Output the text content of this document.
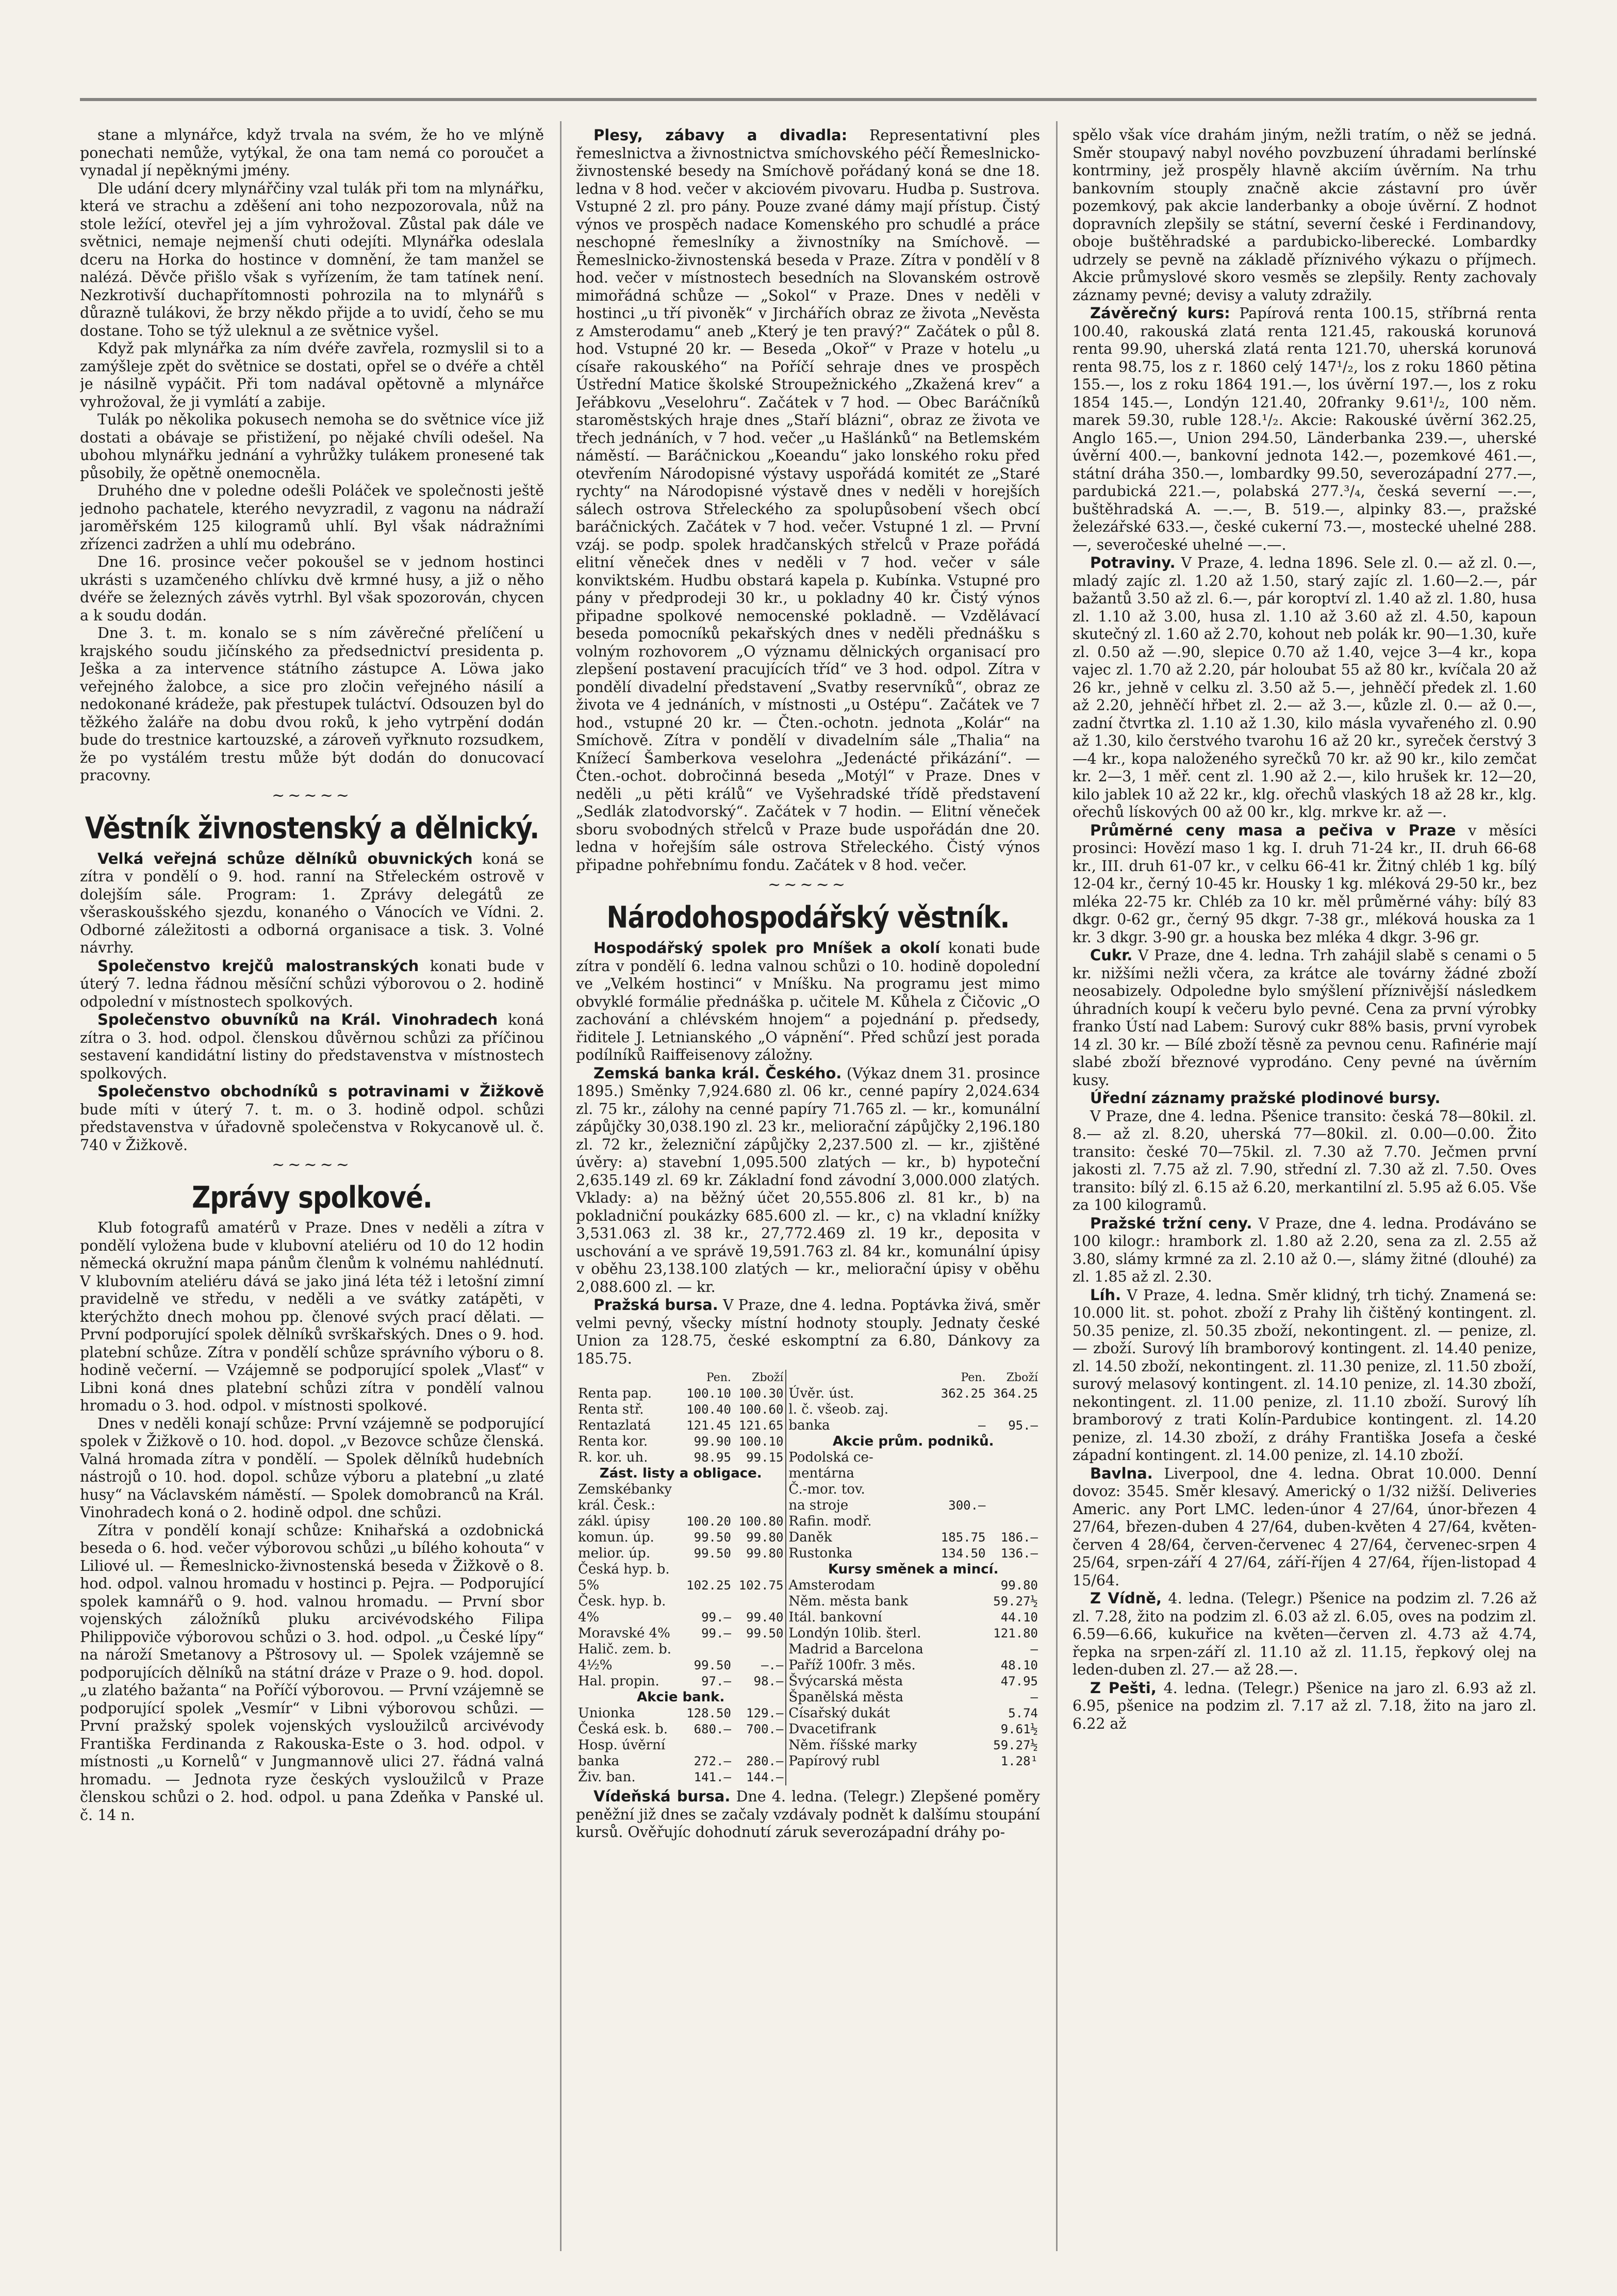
stane a mlynářce, když trvala na svém, že ho ve mlýně ponechati nemůže, vytýkal, že ona tam nemá co poroučet a vynadal jí nepěknými jmény.

Dle udání dcery mlynářčiny vzal tulák při tom na mlynářku, která ve strachu a zděšení ani toho nezpozorovala, nůž na stole ležící, otevřel jej a jím vyhrožoval. Zůstal pak dále ve světnici, nemaje nejmenší chuti odejíti. Mlynářka odeslala dceru na Horka do hostince v domnění, že tam manžel se nalézá. Děvče přišlo však s vyřízením, že tam tatínek není. Nezkrotivší duchapřítomnosti pohrozila na to mlynářů s důrazně tulákovi, že brzy někdo přijde a to uvidí, čeho se mu dostane. Toho se týž uleknul a ze světnice vyšel.

Když pak mlynářka za ním dvéře zavřela, rozmyslil si to a zamýšleje zpět do světnice se dostati, opřel se o dvéře a chtěl je násilně vypáčit. Při tom nadával opětovně a mlynářce vyhrožoval, že ji vymlátí a zabije.

Tulák po několika pokusech nemoha se do světnice více již dostati a obávaje se přistižení, po nějaké chvíli odešel. Na ubohou mlynářku jednání a vyhrůžky tulákem pronesené tak působily, že opětně onemocněla.

Druhého dne v poledne odešli Poláček ve společnosti ještě jednoho pachatele, kterého nevyzradil, z vagonu na nádraží jaroměřském 125 kilogramů uhlí. Byl však nádražními zřízenci zadržen a uhlí mu odebráno.

Dne 16. prosince večer pokoušel se v jednom hostinci ukrásti s uzamčeného chlívku dvě krmné husy, a již o něho dvéře se železných závěs vytrhl. Byl však spozorován, chycen a k soudu dodán.

Dne 3. t. m. konalo se s ním závěrečné přelíčení u krajského soudu jičínského za předsednictví presidenta p. Ješka a za intervence státního zástupce A. Löwa jako veřejného žalobce, a sice pro zločin veřejného násilí a nedokonané krádeže, pak přestupek tuláctví. Odsouzen byl do těžkého žaláře na dobu dvou roků, k jeho vytrpění dodán bude do trestnice kartouzské, a zároveň vyřknuto rozsudkem, že po vystálém trestu může být dodán do donucovací pracovny.

~~~~~
Věstník živnostenský a dělnický.

Velká veřejná schůze dělníků obuvnických koná se zítra v pondělí o 9. hod. ranní na Střeleckém ostrově v dolejším sále. Program: 1. Zprávy delegátů ze všeraskoušského sjezdu, konaného o Vánocích ve Vídni. 2. Odborné záležitosti a odborná organisace a tisk. 3. Volné návrhy.

Společenstvo krejčů malostranských konati bude v úterý 7. ledna řádnou měsíční schůzi výborovou o 2. hodině odpolední v místnostech spolkových.

Společenstvo obuvníků na Král. Vinohradech koná zítra o 3. hod. odpol. členskou důvěrnou schůzi za příčinou sestavení kandidátní listiny do představenstva v místnostech spolkových.

Společenstvo obchodníků s potravinami v Žižkově bude míti v úterý 7. t. m. o 3. hodině odpol. schůzi představenstva v úřadovně společenstva v Rokycanově ul. č. 740 v Žižkově.

~~~~~
Zprávy spolkové.

Klub fotografů amatérů v Praze. Dnes v neděli a zítra v pondělí vyložena bude v klubovní ateliéru od 10 do 12 hodin německá okružní mapa pánům členům k volnému nahlédnutí. V klubovním ateliéru dává se jako jiná léta též i letošní zimní pravidelně ve středu, v neděli a ve svátky zatápěti, v kterýchžto dnech mohou pp. členové svých prací dělati. — První podporující spolek dělníků svrškařských. Dnes o 9. hod. platební schůze. Zítra v pondělí schůze správního výboru o 8. hodině večerní. — Vzájemně se podporující spolek „Vlasť“ v Libni koná dnes platební schůzi zítra v pondělí valnou hromadu o 3. hod. odpol. v místnosti spolkové.

Dnes v neděli konají schůze: První vzájemně se podporující spolek v Žižkově o 10. hod. dopol. „v Bezovce schůze členská. Valná hromada zítra v pondělí. — Spolek dělníků hudebních nástrojů o 10. hod. dopol. schůze výboru a platební „u zlaté husy“ na Václavském náměstí. — Spolek domobranců na Král. Vinohradech koná o 2. hodině odpol. dne schůzi.

Zítra v pondělí konají schůze: Knihařská a ozdobnická beseda o 6. hod. večer výborovou schůzi „u bílého kohouta“ v Liliové ul. — Řemeslnicko-živnostenská beseda v Žižkově o 8. hod. odpol. valnou hromadu v hostinci p. Pejra. — Podporující spolek kamnářů o 9. hod. valnou hromadu. — První sbor vojenských záložníků pluku arcivévodského Filipa Philippoviče výborovou schůzi o 3. hod. odpol. „u České lípy“ na nároží Smetanovy a Pštrosovy ul. — Spolek vzájemně se podporujících dělníků na státní dráze v Praze o 9. hod. dopol. „u zlatého bažanta“ na Poříčí výborovou. — První vzájemně se podporující spolek „Vesmír“ v Libni výborovou schůzi. — První pražský spolek vojenských vysloužilců arcivévody Františka Ferdinanda z Rakouska-Este o 3. hod. odpol. v místnosti „u Kornelů“ v Jungmannově ulici 27. řádná valná hromadu. — Jednota ryze českých vysloužilců v Praze členskou schůzi o 2. hod. odpol. u pana Zdeňka v Panské ul. č. 14 n.

Plesy, zábavy a divadla: Representativní ples řemeslnictva a živnostnictva smíchovského péčí Řemeslnicko-živnostenské besedy na Smíchově pořádaný koná se dne 18. ledna v 8 hod. večer v akciovém pivovaru. Hudba p. Sustrova. Vstupné 2 zl. pro pány. Pouze zvané dámy mají přístup. Čistý výnos ve prospěch nadace Komenského pro schudlé a práce neschopné řemeslníky a živnostníky na Smíchově. — Řemeslnicko-živnostenská beseda v Praze. Zítra v pondělí v 8 hod. večer v místnostech besedních na Slovanském ostrově mimořádná schůze — „Sokol“ v Praze. Dnes v neděli v hostinci „u tří pivoněk“ v Jirchářích obraz ze života „Nevěsta z Amsterodamu“ aneb „Který je ten pravý?“ Začátek o půl 8. hod. Vstupné 20 kr. — Beseda „Okoř“ v Praze v hotelu „u císaře rakouského“ na Poříčí sehraje dnes ve prospěch Ústřední Matice školské Stroupežnického „Zkažená krev“ a Jeřábkovu „Veselohru“. Začátek v 7 hod. — Obec Baráčníků staroměstských hraje dnes „Staří blázni“, obraz ze života ve třech jednáních, v 7 hod. večer „u Hašlánků“ na Betlemském náměstí. — Baráčnickou „Koeandu“ jako lonského roku před otevřením Národopisné výstavy uspořádá komitét ze „Staré rychty“ na Národopisné výstavě dnes v neděli v horejších sálech ostrova Střeleckého za spolupůsobení všech obcí baráčnických. Začátek v 7 hod. večer. Vstupné 1 zl. — První vzáj. se podp. spolek hradčanských střelců v Praze pořádá elitní věneček dnes v neděli v 7 hod. večer v sále konviktském. Hudbu obstará kapela p. Kubínka. Vstupné pro pány v předprodeji 30 kr., u pokladny 40 kr. Čistý výnos připadne spolkové nemocenské pokladně. — Vzdělávací beseda pomocníků pekařských dnes v neděli přednášku s volným rozhovorem „O významu dělnických organisací pro zlepšení postavení pracujících tříd“ ve 3 hod. odpol. Zítra v pondělí divadelní představení „Svatby reservníků“, obraz ze života ve 4 jednáních, v místnosti „u Ostépu“. Začátek ve 7 hod., vstupné 20 kr. — Čten.-ochotn. jednota „Kolár“ na Smíchově. Zítra v pondělí v divadelním sále „Thalia“ na Knížecí Šamberkova veselohra „Jedenácté přikázání“. — Čten.-ochot. dobročinná beseda „Motýl“ v Praze. Dnes v neděli „u pěti králů“ ve Vyšehradské třídě představení „Sedlák zlatodvorský“. Začátek v 7 hodin. — Elitní věneček sboru svobodných střelců v Praze bude uspořádán dne 20. ledna v hořejším sále ostrova Střeleckého. Čistý výnos připadne pohřebnímu fondu. Začátek v 8 hod. večer.

~~~~~
Národohospodářský věstník.

Hospodářský spolek pro Mníšek a okolí konati bude zítra v pondělí 6. ledna valnou schůzi o 10. hodině dopolední ve „Velkém hostinci“ v Mníšku. Na programu jest mimo obvyklé formálie přednáška p. učitele M. Kůhela z Čičovic „O zachování a chlévském hnojem“ a pojednání p. předsedy, řiditele J. Letnianského „O vápnění“. Před schůzí jest porada podílníků Raiffeisenovy záložny.

Zemská banka král. Českého. (Výkaz dnem 31. prosince 1895.) Směnky 7,924.680 zl. 06 kr., cenné papíry 2,024.634 zl. 75 kr., zálohy na cenné papíry 71.765 zl. — kr., komunální zápůjčky 30,038.190 zl. 23 kr., meliorační zápůjčky 2,196.180 zl. 72 kr., železniční zápůjčky 2,237.500 zl. — kr., zjištěné úvěry: a) stavební 1,095.500 zlatých — kr., b) hypoteční 2,635.149 zl. 69 kr. Základní fond závodní 3,000.000 zlatých. Vklady: a) na běžný účet 20,555.806 zl. 81 kr., b) na pokladniční poukázky 685.600 zl. — kr., c) na vkladní knížky 3,531.063 zl. 38 kr., 27,772.469 zl. 19 kr., deposita v uschování a ve správě 19,591.763 zl. 84 kr., komunální úpisy v oběhu 23,138.100 zlatých — kr., meliorační úpisy v oběhu 2,088.600 zl. — kr.

Pražská bursa. V Praze, dne 4. ledna. Poptávka živá, směr velmi pevný, všecky místní hodnoty stouply. Jednaty české Union za 128.75, české eskomptní za 6.80, Dánkovy za 185.75.

	Pen.	Zboží		Pen.	Zboží
Renta pap.	100.10	100.30	Úvěr. úst.	362.25	364.25
Renta stř.	100.40	100.60	l. č. všeob. zaj.		
Rentazlatá	121.45	121.65	banka	—	95.—
Renta kor.	99.90	100.10	Akcie prům. podniků.		
R. kor. uh.	98.95	99.15	Podolská ce-		
Zást. listy a obligace.			mentárna		
Zemskébanky			Č.-mor. tov.		
král. Česk.:			na stroje	300.—	
zákl. úpisy	100.20	100.80	Rafin. modř.		
komun. úp.	99.50	99.80	Daněk	185.75	186.—
melior. úp.	99.50	99.80	Rustonka	134.50	136.—
Česká hyp. b.			Kursy směnek a mincí.		
5%	102.25	102.75	Amsterodam		99.80
Česk. hyp. b.			Něm. města bank		59.27½
4%	99.—	99.40	Itál. bankovní		44.10
Moravské 4%	99.—	99.50	Londýn 10lib. šterl.		121.80
Halič. zem. b.			Madrid a Barcelona		—
4½%	99.50	—.—	Paříž 100fr. 3 měs.		48.10
Hal. propin.	97.—	98.—	Švýcarská města		47.95
Akcie bank.			Španělská města		—
Unionka	128.50	129.—	Císařský dukát		5.74
Česká esk. b.	680.—	700.—	Dvacetifrank		9.61½
Hosp. úvěrní			Něm. říšské marky		59.27½
banka	272.—	280.—	Papírový rubl		1.28¹
Živ. ban.	141.—	144.—			

Vídeňská bursa. Dne 4. ledna. (Telegr.) Zlepšené poměry peněžní již dnes se začaly vzdávaly podnět k dalšímu stoupání kursů. Ověřujíc dohodnutí záruk severozápadní dráhy po-

spělo však více drahám jiným, nežli tratím, o něž se jedná. Směr stoupavý nabyl nového povzbuzení úhradami berlínské kontrminy, jež prospěly hlavně akciím úvěrním. Na trhu bankovním stouply značně akcie zástavní pro úvěr pozemkový, pak akcie landerbanky a oboje úvěrní. Z hodnot dopravních zlepšily se státní, severní české i Ferdinandovy, oboje buštěhradské a pardubicko-liberecké. Lombardky udrzely se pevně na základě příznivého výkazu o příjmech. Akcie průmyslové skoro vesměs se zlepšily. Renty zachovaly záznamy pevné; devisy a valuty zdražily.

Závěrečný kurs: Papírová renta 100.15, stříbrná renta 100.40, rakouská zlatá renta 121.45, rakouská korunová renta 99.90, uherská zlatá renta 121.70, uherská korunová renta 98.75, los z r. 1860 celý 147¹/₂, los z roku 1860 pětina 155.—, los z roku 1864 191.—, los úvěrní 197.—, los z roku 1854 145.—, Londýn 121.40, 20franky 9.61¹/₂, 100 něm. marek 59.30, ruble 128.¹/₂. Akcie: Rakouské úvěrní 362.25, Anglo 165.—, Union 294.50, Länderbanka 239.—, uherské úvěrní 400.—, bankovní jednota 142.—, pozemkové 461.—, státní dráha 350.—, lombardky 99.50, severozápadní 277.—, pardubická 221.—, polabská 277.³/₄, česká severní —.—, buštěhradská A. —.—, B. 519.—, alpinky 83.—, pražské železářské 633.—, české cukerní 73.—, mostecké uhelné 288.—, severočeské uhelné —.—.

Potraviny. V Praze, 4. ledna 1896. Sele zl. 0.— až zl. 0.—, mladý zajíc zl. 1.20 až 1.50, starý zajíc zl. 1.60—2.—, pár bažantů 3.50 až zl. 6.—, pár koroptví zl. 1.40 až zl. 1.80, husa zl. 1.10 až 3.00, husa zl. 1.10 až 3.60 až zl. 4.50, kapoun skutečný zl. 1.60 až 2.70, kohout neb polák kr. 90—1.30, kuře zl. 0.50 až —.90, slepice 0.70 až 1.40, vejce 3—4 kr., kopa vajec zl. 1.70 až 2.20, pár holoubat 55 až 80 kr., kvíčala 20 až 26 kr., jehně v celku zl. 3.50 až 5.—, jehněčí předek zl. 1.60 až 2.20, jehněčí hřbet zl. 2.— až 3.—, kůzle zl. 0.— až 0.—, zadní čtvrtka zl. 1.10 až 1.30, kilo másla vyvařeného zl. 0.90 až 1.30, kilo čerstvého tvarohu 16 až 20 kr., syreček čerstvý 3—4 kr., kopa naloženého syrečků 70 kr. až 90 kr., kilo zemčat kr. 2—3, 1 měř. cent zl. 1.90 až 2.—, kilo hrušek kr. 12—20, kilo jablek 10 až 22 kr., klg. ořechů vlaských 18 až 28 kr., klg. ořechů lískových 00 až 00 kr., klg. mrkve kr. až —.

Průměrné ceny masa a pečiva v Praze v měsíci prosinci: Hovězí maso 1 kg. I. druh 71-24 kr., II. druh 66-68 kr., III. druh 61-07 kr., v celku 66-41 kr. Žitný chléb 1 kg. bílý 12-04 kr., černý 10-45 kr. Housky 1 kg. mléková 29-50 kr., bez mléka 22-75 kr. Chléb za 10 kr. měl průměrné váhy: bílý 83 dkgr. 0-62 gr., černý 95 dkgr. 7-38 gr., mléková houska za 1 kr. 3 dkgr. 3-90 gr. a houska bez mléka 4 dkgr. 3-96 gr.

Cukr. V Praze, dne 4. ledna. Trh zahájil slabě s cenami o 5 kr. nižšími nežli včera, za krátce ale továrny žádné zboží neosabizely. Odpoledne bylo smýšlení příznivější následkem úhradních koupí k večeru bylo pevné. Cena za první výrobky franko Ústí nad Labem: Surový cukr 88% basis, první vyrobek 14 zl. 30 kr. — Bílé zboží těsně za pevnou cenu. Rafinérie mají slabé zboží březnové vyprodáno. Ceny pevné na úvěrním kusy.

Úřední záznamy pražské plodinové bursy.

V Praze, dne 4. ledna. Pšenice transito: česká 78—80kil. zl. 8.— až zl. 8.20, uherská 77—80kil. zl. 0.00—0.00. Žito transito: české 70—75kil. zl. 7.30 až 7.70. Ječmen první jakosti zl. 7.75 až zl. 7.90, střední zl. 7.30 až zl. 7.50. Oves transito: bílý zl. 6.15 až 6.20, merkantilní zl. 5.95 až 6.05. Vše za 100 kilogramů.

Pražské tržní ceny. V Praze, dne 4. ledna. Prodáváno se 100 kilogr.: hrambork zl. 1.80 až 2.20, sena za zl. 2.55 až 3.80, slámy krmné za zl. 2.10 až 0.—, slámy žitné (dlouhé) za zl. 1.85 až zl. 2.30.

Líh. V Praze, 4. ledna. Směr klidný, trh tichý. Znamená se: 10.000 lit. st. pohot. zboží z Prahy lih čištěný kontingent. zl. 50.35 penize, zl. 50.35 zboží, nekontingent. zl. — penize, zl. — zboží. Surový líh bramborový kontingent. zl. 14.40 penize, zl. 14.50 zboží, nekontingent. zl. 11.30 penize, zl. 11.50 zboží, surový melasový kontingent. zl. 14.10 penize, zl. 14.30 zboží, nekontingent. zl. 11.00 penize, zl. 11.10 zboží. Surový líh bramborový z trati Kolín-Pardubice kontingent. zl. 14.20 penize, zl. 14.30 zboží, z dráhy Františka Josefa a české západní kontingent. zl. 14.00 penize, zl. 14.10 zboží.

Bavlna. Liverpool, dne 4. ledna. Obrat 10.000. Denní dovoz: 3545. Směr klesavý. Americký o 1/32 nižší. Deliveries Americ. any Port LMC. leden-únor 4 27/64, únor-březen 4 27/64, březen-duben 4 27/64, duben-květen 4 27/64, květen-červen 4 28/64, červen-červenec 4 27/64, červenec-srpen 4 25/64, srpen-září 4 27/64, září-říjen 4 27/64, říjen-listopad 4 15/64.

Z Vídně, 4. ledna. (Telegr.) Pšenice na podzim zl. 7.26 až zl. 7.28, žito na podzim zl. 6.03 až zl. 6.05, oves na podzim zl. 6.59—6.66, kukuřice na květen—červen zl. 4.73 až 4.74, řepka na srpen-září zl. 11.10 až zl. 11.15, řepkový olej na leden-duben zl. 27.— až 28.—.

Z Pešti, 4. ledna. (Telegr.) Pšenice na jaro zl. 6.93 až zl. 6.95, pšenice na podzim zl. 7.17 až zl. 7.18, žito na jaro zl. 6.22 až
